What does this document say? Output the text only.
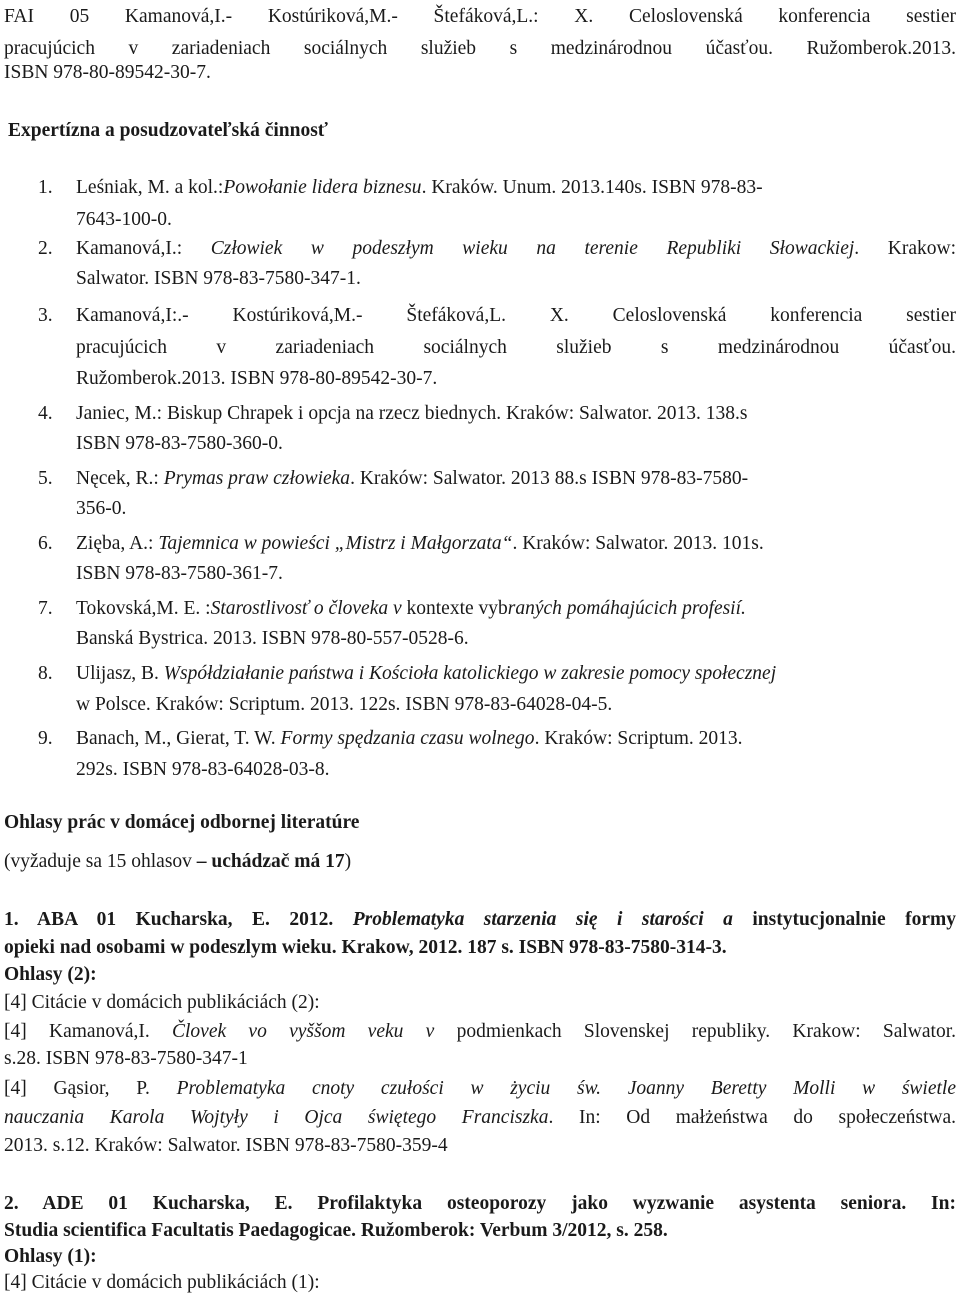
FAI 05 Kamanová,I.- Kostúriková,M.- Štefáková,L.: X. Celoslovenská konferencia sestier
pracujúcich v zariadeniach sociálnych služieb s medzinárodnou účasťou. Ružomberok.2013.
ISBN 978-80-89542-30-7.
Expertízna a posudzovateľská činnosť
1. Leśniak, M. a kol.:Powołanie lidera biznesu. Kraków. Unum. 2013.140s. ISBN 978-83-
7643-100-0.
2. Kamanová,I.: Człowiek w podeszłym wieku na terenie Republiki Słowackiej. Krakow:
Salwator. ISBN 978-83-7580-347-1.
3. Kamanová,I:.- Kostúriková,M.- Štefáková,L. X. Celoslovenská konferencia sestier
pracujúcich v zariadeniach sociálnych služieb s medzinárodnou účasťou.
Ružomberok.2013. ISBN 978-80-89542-30-7.
4. Janiec, M.: Biskup Chrapek i opcja na rzecz biednych. Kraków: Salwator. 2013. 138.s
ISBN 978-83-7580-360-0.
5. Nęcek, R.: Prymas praw człowieka. Kraków: Salwator. 2013 88.s ISBN 978-83-7580-
356-0.
6. Zięba, A.: Tajemnica w powieści „Mistrz i Małgorzata“. Kraków: Salwator. 2013. 101s.
ISBN 978-83-7580-361-7.
7. Tokovská,M. E. :Starostlivosť o človeka v kontexte vybraných pomáhajúcich profesií.
Banská Bystrica. 2013. ISBN 978-80-557-0528-6.
8. Ulijasz, B. Współdziałanie państwa i Kościoła katolickiego w zakresie pomocy społecznej
w Polsce. Kraków: Scriptum. 2013. 122s. ISBN 978-83-64028-04-5.
9. Banach, M., Gierat, T. W. Formy spędzania czasu wolnego. Kraków: Scriptum. 2013.
292s. ISBN 978-83-64028-03-8.
Ohlasy prác v domácej odbornej literatúre
(vyžaduje sa 15 ohlasov – uchádzač má 17)
1. ABA 01 Kucharska, E. 2012. Problematyka starzenia się i starości a instytucjonalnie formy
opieki nad osobami w podeszlym wieku. Krakow, 2012. 187 s. ISBN 978-83-7580-314-3.
Ohlasy (2):
[4] Citácie v domácich publikáciách (2):
[4] Kamanová,I. Človek vo vyššom veku v podmienkach Slovenskej republiky. Krakow: Salwator.
s.28. ISBN 978-83-7580-347-1
[4] Gąsior, P. Problematyka cnoty czułości w życiu św. Joanny Beretty Molli w świetle
nauczania Karola Wojtyły i Ojca świętego Franciszka. In: Od małżeństwa do społeczeństwa.
2013. s.12. Kraków: Salwator. ISBN 978-83-7580-359-4
2. ADE 01 Kucharska, E. Profilaktyka osteoporozy jako wyzwanie asystenta seniora. In:
Studia scientifica Facultatis Paedagogicae. Ružomberok: Verbum 3/2012, s. 258.
Ohlasy (1):
[4] Citácie v domácich publikáciách (1):
